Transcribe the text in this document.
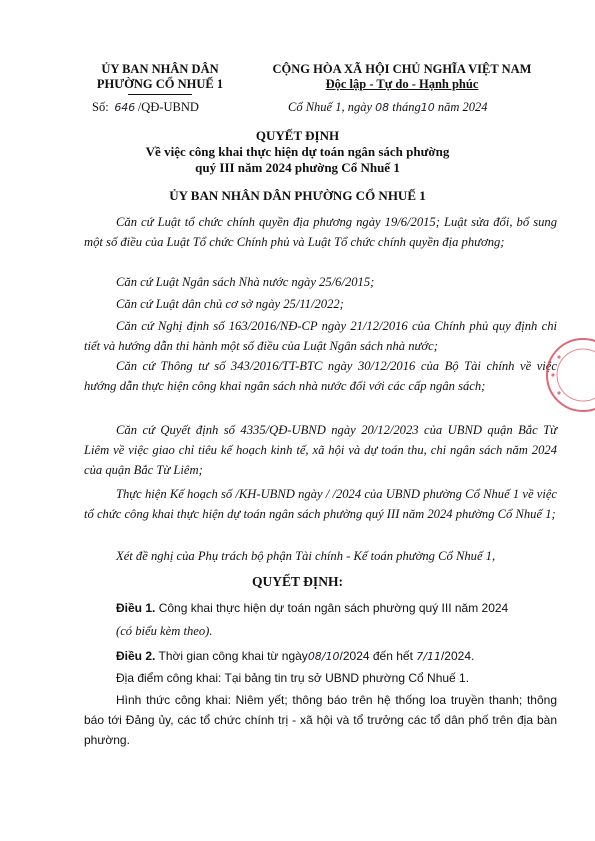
ỦY BAN NHÂN DÂN
PHƯỜNG CỔ NHUẾ 1
CỘNG HÒA XÃ HỘI CHỦ NGHĨA VIỆT NAM
Độc lập - Tự do - Hạnh phúc
Số: 646 /QĐ-UBND	Cổ Nhuế 1, ngày 08 tháng10 năm 2024
QUYẾT ĐỊNH
Về việc công khai thực hiện dự toán ngân sách phường
quý III năm 2024 phường Cổ Nhuế 1
ỦY BAN NHÂN DÂN PHƯỜNG CỔ NHUẾ 1
Căn cứ Luật tổ chức chính quyền địa phương ngày 19/6/2015; Luật sửa đổi, bổ sung một số điều của Luật Tổ chức Chính phủ và Luật Tổ chức chính quyền địa phương;
Căn cứ Luật Ngân sách Nhà nước ngày 25/6/2015;
Căn cứ Luật dân chủ cơ sở ngày 25/11/2022;
Căn cứ Nghị định số 163/2016/NĐ-CP ngày 21/12/2016 của Chính phủ quy định chi tiết và hướng dẫn thi hành một số điều của Luật Ngân sách nhà nước;
Căn cứ Thông tư số 343/2016/TT-BTC ngày 30/12/2016 của Bộ Tài chính về việc hướng dẫn thực hiện công khai ngân sách nhà nước đối với các cấp ngân sách;
Căn cứ Quyết định số 4335/QĐ-UBND ngày 20/12/2023 của UBND quận Bắc Từ Liêm về việc giao chỉ tiêu kế hoạch kinh tế, xã hội và dự toán thu, chi ngân sách năm 2024 của quận Bắc Từ Liêm;
Thực hiện Kế hoạch số /KH-UBND ngày / /2024 của UBND phường Cổ Nhuế 1 về việc tổ chức công khai thực hiện dự toán ngân sách phường quý III năm 2024 phường Cổ Nhuế 1;
Xét đề nghị của Phụ trách bộ phận Tài chính - Kế toán phường Cổ Nhuế 1,
QUYẾT ĐỊNH:
Điều 1. Công khai thực hiện dự toán ngân sách phường quý III năm 2024
(có biểu kèm theo).
Điều 2. Thời gian công khai từ ngày08/10/2024 đến hết 7/11/2024.
Địa điểm công khai: Tại bảng tin trụ sở UBND phường Cổ Nhuế 1.
Hình thức công khai: Niêm yết; thông báo trên hệ thống loa truyền thanh; thông báo tới Đảng ủy, các tổ chức chính trị - xã hội và tổ trưởng các tổ dân phố trên địa bàn phường.
